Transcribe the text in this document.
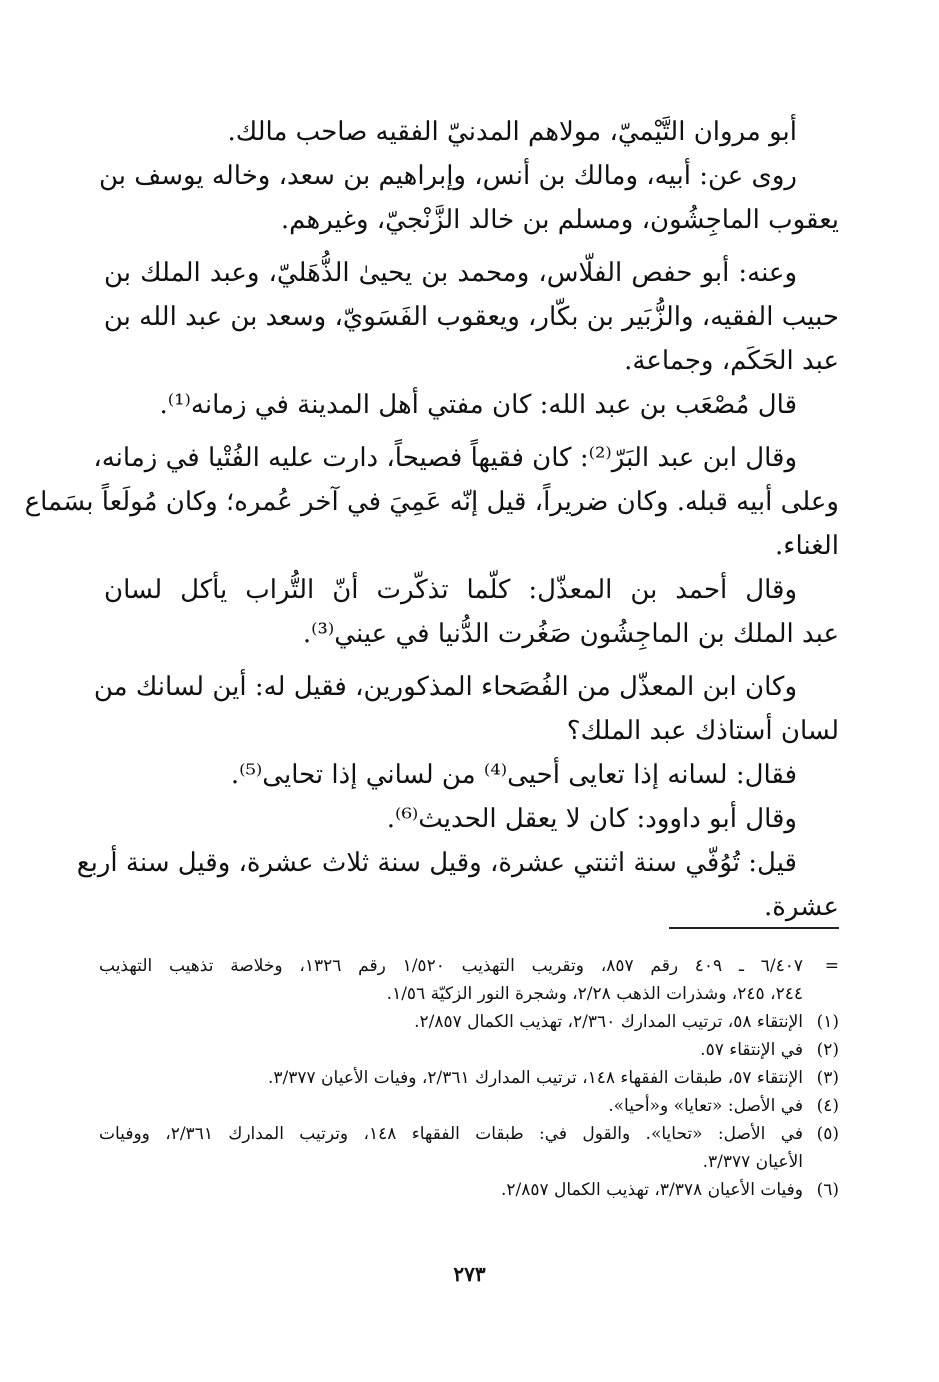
أبو مروان التَّيْميّ، مولاهم المدنيّ الفقيه صاحب مالك.
روى عن: أبيه، ومالك بن أنس، وإبراهيم بن سعد، وخاله يوسف بن
يعقوب الماجِشُون، ومسلم بن خالد الزَّنْجيّ، وغيرهم.
وعنه: أبو حفص الفلّاس، ومحمد بن يحيىٰ الذُّهَليّ، وعبد الملك بن
حبيب الفقيه، والزُّبَير بن بكّار، ويعقوب الفَسَويّ، وسعد بن عبد الله بن
عبد الحَكَم، وجماعة.
قال مُصْعَب بن عبد الله: كان مفتي أهل المدينة في زمانه⁽¹⁾.
وقال ابن عبد البَرّ⁽²⁾: كان فقيهاً فصيحاً، دارت عليه الفُتْيا في زمانه،
وعلى أبيه قبله. وكان ضريراً، قيل إنّه عَمِيَ في آخر عُمره؛ وكان مُولَعاً بسَماع
الغناء.
وقال أحمد بن المعذّل: كلّما تذكّرت أنّ التُّراب يأكل لسان
عبد الملك بن الماجِشُون صَغُرت الدُّنيا في عيني⁽³⁾.
وكان ابن المعذّل من الفُصَحاء المذكورين، فقيل له: أين لسانك من
لسان أستاذك عبد الملك؟
فقال: لسانه إذا تعايى أحيى⁽⁴⁾ من لساني إذا تحايى⁽⁵⁾.
وقال أبو داوود: كان لا يعقل الحديث⁽⁶⁾.
قيل: تُوُفّي سنة اثنتي عشرة، وقيل سنة ثلاث عشرة، وقيل سنة أربع
عشرة.
=
٦/٤٠٧ ـ ٤٠٩ رقم ٨٥٧، وتقريب التهذيب ١/٥٢٠ رقم ١٣٢٦، وخلاصة تذهيب التهذيب
٢٤٤، ٢٤٥، وشذرات الذهب ٢/٢٨، وشجرة النور الزكيّة ١/٥٦.
(١)
الإنتقاء ٥٨، ترتيب المدارك ٢/٣٦٠، تهذيب الكمال ٢/٨٥٧.
(٢)
في الإنتقاء ٥٧.
(٣)
الإنتقاء ٥٧، طبقات الفقهاء ١٤٨، ترتيب المدارك ٢/٣٦١، وفيات الأعيان ٣/٣٧٧.
(٤)
في الأصل: «تعايا» و«أحيا».
(٥)
في الأصل: «تحايا». والقول في: طبقات الفقهاء ١٤٨، وترتيب المدارك ٢/٣٦١، ووفيات
الأعيان ٣/٣٧٧.
(٦)
وفيات الأعيان ٣/٣٧٨، تهذيب الكمال ٢/٨٥٧.
٢٧٣
